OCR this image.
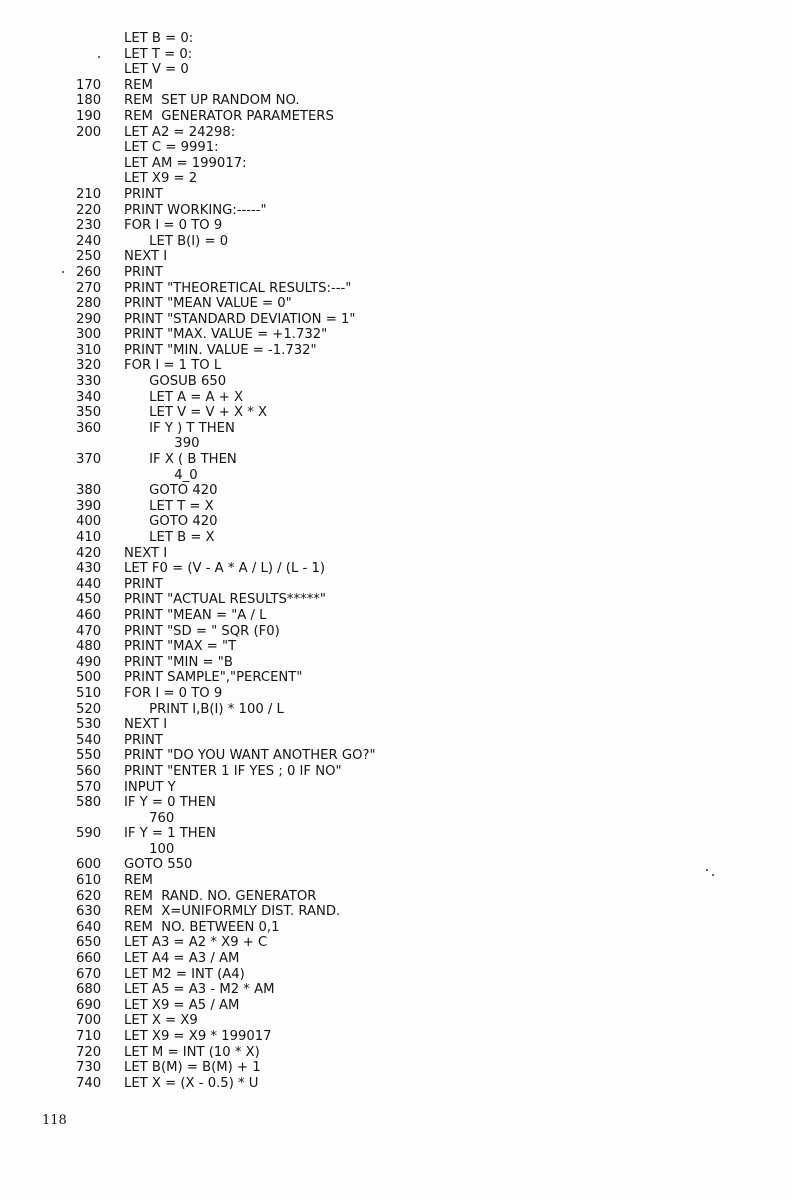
LET B = 0:
LET T = 0:
LET V = 0
170 REM
180 REM  SET UP RANDOM NO.
190 REM  GENERATOR PARAMETERS
200 LET A2 = 24298:
LET C = 9991:
LET AM = 199017:
LET X9 = 2
210 PRINT
220 PRINT WORKING:-----"
230 FOR I = 0 TO 9
240 LET B(I) = 0
250 NEXT I
260 PRINT
270 PRINT "THEORETICAL RESULTS:---"
280 PRINT "MEAN VALUE = 0"
290 PRINT "STANDARD DEVIATION = 1"
300 PRINT "MAX. VALUE = +1.732"
310 PRINT "MIN. VALUE = -1.732"
320 FOR I = 1 TO L
330 GOSUB 650
340 LET A = A + X
350 LET V = V + X * X
360 IF Y ) T THEN
390
370 IF X ( B THEN
4_0
380 GOTO 420
390 LET T = X
400 GOTO 420
410 LET B = X
420 NEXT I
430 LET F0 = (V - A * A / L) / (L - 1)
440 PRINT
450 PRINT "ACTUAL RESULTS*****"
460 PRINT "MEAN = "A / L
470 PRINT "SD = " SQR (F0)
480 PRINT "MAX = "T
490 PRINT "MIN = "B
500 PRINT SAMPLE","PERCENT"
510 FOR I = 0 TO 9
520 PRINT I,B(I) * 100 / L
530 NEXT I
540 PRINT
550 PRINT "DO YOU WANT ANOTHER GO?"
560 PRINT "ENTER 1 IF YES ; 0 IF NO"
570 INPUT Y
580 IF Y = 0 THEN
760
590 IF Y = 1 THEN
100
600 GOTO 550
610 REM
620 REM  RAND. NO. GENERATOR
630 REM  X=UNIFORMLY DIST. RAND.
640 REM  NO. BETWEEN 0,1
650 LET A3 = A2 * X9 + C
660 LET A4 = A3 / AM
670 LET M2 = INT (A4)
680 LET A5 = A3 - M2 * AM
690 LET X9 = A5 / AM
700 LET X = X9
710 LET X9 = X9 * 199017
720 LET M = INT (10 * X)
730 LET B(M) = B(M) + 1
740 LET X = (X - 0.5) * U
118
